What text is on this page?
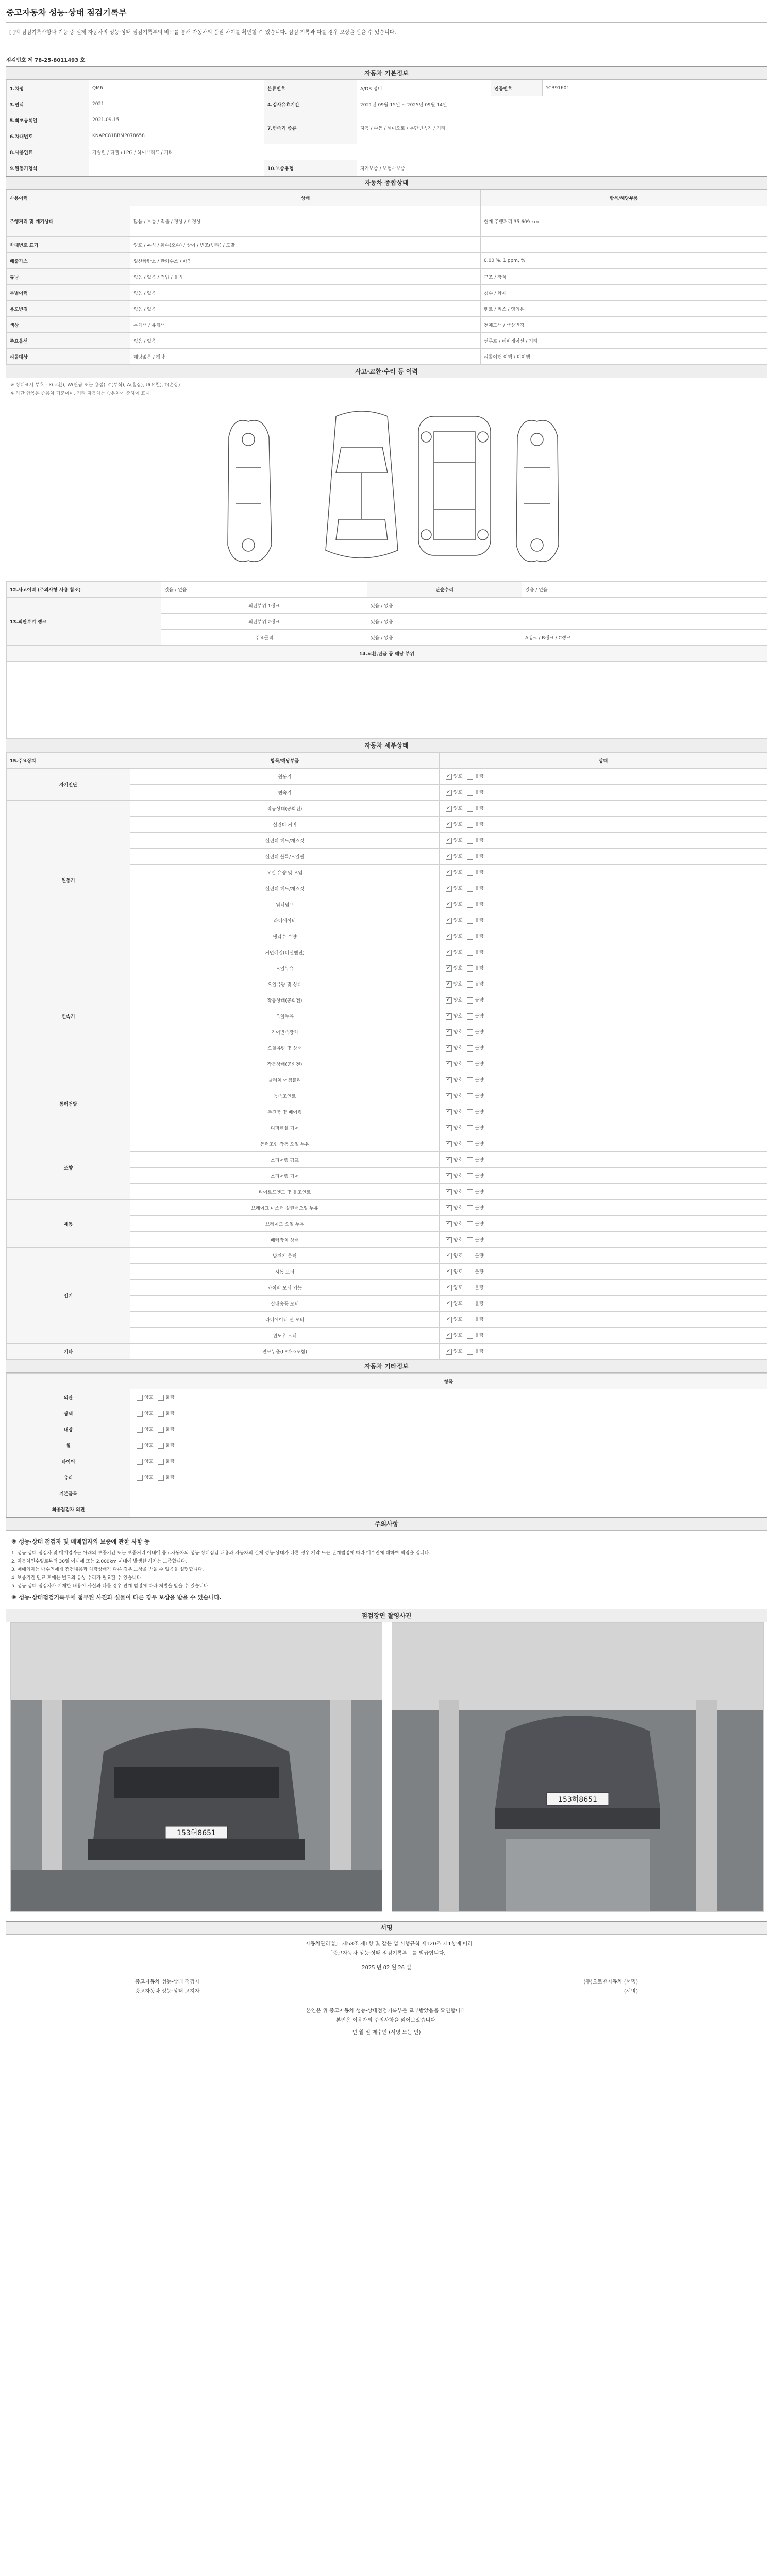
중고자동차 성능·상태 점검기록부
[ ]의 점검기록사항과 기능 중 실제 자동차의 성능·상태 점검기록부의 비교를 통해 자동차의 품질 차이를 확인할 수 있습니다. 점검 기록과 다를 경우 보상을 받을 수 있습니다.
점검번호 제 78-25-8011493 호
자동차 기본정보
1.차명	QM6	분류번호	A/DB 정비	인증번호	YCB91601
3.연식	2021	4.검사유효기간	2021년 09월 15일 ~ 2025년 09월 14일		
5.최초등록일	2021-09-15	7.변속기 종류	자동 / 수동 / 세미오토 / 무단변속기 / 기타		
6.차대번호	KNAPC81BBMP078658				
8.사용연료	가솔린 / 디젤 / LPG / 하이브리드 / 기타				
9.원동기형식		10.보증유형	자가보증 / 보험사보증		
자동차 종합상태
사용이력	상태	항목/해당부품
주행거리 및 계기상태	많음 / 보통 / 적음 / 정상 / 비정상	현재 주행거리 35,609 km
차대번호 표기	양호 / 부식 / 훼손(오손) / 상이 / 변조(변타) / 도말	
배출가스	일산화탄소 / 탄화수소 / 매연	0.00 %, 1 ppm, %
튜닝	없음 / 있음 / 적법 / 불법	구조 / 장치
특별이력	없음 / 있음	침수 / 화재
용도변경	없음 / 있음	렌트 / 리스 / 영업용
색상	무채색 / 유채색	전체도색 / 색상변경
주요옵션	없음 / 있음	썬루프 / 네비게이션 / 기타
리콜대상	해당없음 / 해당	리콜이행 이행 / 미이행
사고·교환·수리 등 이력
※ 상태표시 부호 : X(교환), W(판금 또는 용접), C(부식), A(흠집), U(요철), T(손상)
※ 하단 항목은 승용차 기준이며, 기타 자동차는 승용차에 준하여 표시
12.사고이력 (주의사항 사용 참조)	있음 / 없음	단순수리	있음 / 없음
13.외판부위 랭크	외판부위 1랭크	있음 / 없음	
	외판부위 2랭크	있음 / 없음	
	주요골격	있음 / 없음	A랭크 / B랭크 / C랭크
14.교환,판금 등 해당 부위			

자동차 세부상태
15.주요장치	항목/해당부품	상태
자기진단	원동기	✓양호 불량
	변속기	✓양호 불량
원동기	작동상태(공회전)	✓양호 불량
	실린더 커버	✓양호 불량
	실린더 헤드/개스킷	✓양호 불량
	실린더 블록/오일팬	✓양호 불량
	오일 유량 및 오염	✓양호 불량
	실린더 헤드/개스킷	✓양호 불량
	워터펌프	✓양호 불량
	라디에이터	✓양호 불량
	냉각수 수량	✓양호 불량
	커먼레일(디젤엔진)	✓양호 불량
변속기	오일누유	✓양호 불량
	오일유량 및 상태	✓양호 불량
	작동상태(공회전)	✓양호 불량
	오일누유	✓양호 불량
	기어변속장치	✓양호 불량
	오일유량 및 상태	✓양호 불량
	작동상태(공회전)	✓양호 불량
동력전달	클러치 어셈블리	✓양호 불량
	등속조인트	✓양호 불량
	추진축 및 베어링	✓양호 불량
	디퍼렌셜 기어	✓양호 불량
조향	동력조향 작동 오일 누유	✓양호 불량
	스티어링 펌프	✓양호 불량
	스티어링 기어	✓양호 불량
	타이로드엔드 및 볼조인트	✓양호 불량
제동	브레이크 마스터 실린더오일 누유	✓양호 불량
	브레이크 오일 누유	✓양호 불량
	배력장치 상태	✓양호 불량
전기	발전기 출력	✓양호 불량
	시동 모터	✓양호 불량
	와이퍼 모터 기능	✓양호 불량
	실내송풍 모터	✓양호 불량
	라디에이터 팬 모터	✓양호 불량
	윈도우 모터	✓양호 불량
기타	연료누출(LP가스포함)	✓양호 불량
자동차 기타정보
	항목
외관	양호 불량
광택	양호 불량
내장	양호 불량
휠	양호 불량
타이어	양호 불량
유리	양호 불량
기본품목	
최종점검자 의견	
주의사항
※ 성능·상태 점검자 및 매매업자의 보증에 관한 사항 등
1. 성능·상태 점검자 및 매매업자는 아래의 보증기간 또는 보증거리 이내에 중고자동차의 성능·상태점검 내용과 자동차의 실제 성능·상태가 다른 경우 계약 또는 관계법령에 따라 매수인에 대하여 책임을 집니다.
2. 자동차인수일로부터 30일 이내에 또는 2,000km 이내에 발생한 하자는 보증합니다.
3. 매매업자는 매수인에게 점검내용과 차량상태가 다른 경우 보상을 받을 수 있음을 설명합니다.
4. 보증기간 만료 후에는 별도의 유상 수리가 필요할 수 있습니다.
5. 성능·상태 점검자가 기재한 내용이 사실과 다를 경우 관계 법령에 따라 처벌을 받을 수 있습니다.
※ 성능·상태점검기록부에 첨부된 사진과 실물이 다른 경우 보상을 받을 수 있습니다.
점검장면 촬영사진
153허8651
153허8651
서명
「자동차관리법」 제58조 제1항 및 같은 법 시행규칙 제120조 제1항에 따라
「중고자동차 성능·상태 점검기록부」를 발급합니다.
2025 년 02 월 26 일
중고자동차 성능·상태 점검자	(주)오토맨자동차 (서명)
중고자동차 성능·상태 고지자	(서명)
본인은 위 중고자동차 성능·상태점검기록부를 교부받았음을 확인합니다.
본인은 이용자의 주의사항을 읽어보았습니다.
년 월 일 매수인 (서명 또는 인)
